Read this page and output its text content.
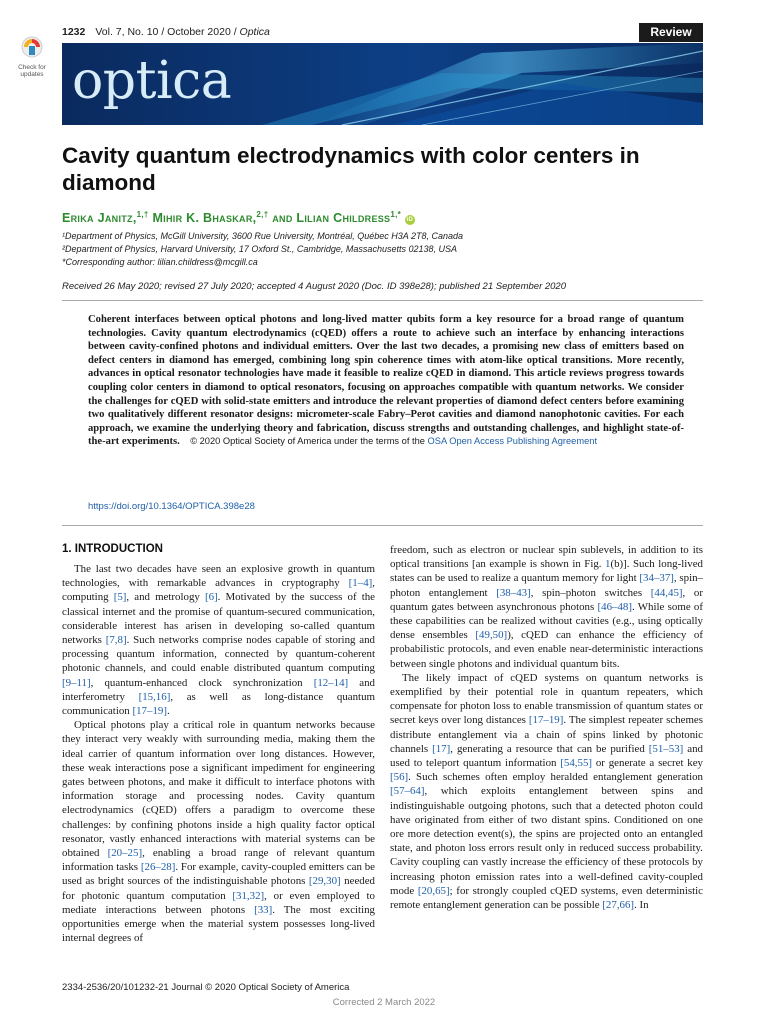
1232 Vol. 7, No. 10 / October 2020 / Optica	Review
Check for updates optica
Cavity quantum electrodynamics with color centers in diamond
Erika Janitz,$^{1,\dagger}$ Mihir K. Bhaskar,$^{2,\dagger}$ and Lilian Childress$^{1,*}$ iD
¹Department of Physics, McGill University, 3600 Rue University, Montréal, Québec H3A 2T8, Canada
²Department of Physics, Harvard University, 17 Oxford St., Cambridge, Massachusetts 02138, USA
*Corresponding author: lilian.childress@mcgill.ca
Received 26 May 2020; revised 27 July 2020; accepted 4 August 2020 (Doc. ID 398e28); published 21 September 2020
Coherent interfaces between optical photons and long-lived matter qubits form a key resource for a broad range of quantum technologies. Cavity quantum electrodynamics (cQED) offers a route to achieve such an interface by enhancing interactions between cavity-confined photons and individual emitters. Over the last two decades, a promising new class of emitters based on defect centers in diamond has emerged, combining long spin coherence times with atom-like optical transitions. More recently, advances in optical resonator technologies have made it feasible to realize cQED in diamond. This article reviews progress towards coupling color centers in diamond to optical resonators, focusing on approaches compatible with quantum networks. We consider the challenges for cQED with solid-state emitters and introduce the relevant properties of diamond defect centers before examining two qualitatively different resonator designs: micrometer-scale Fabry–Perot cavities and diamond nanophotonic cavities. For each approach, we examine the underlying theory and fabrication, discuss strengths and outstanding challenges, and highlight state-of-the-art experiments. © 2020 Optical Society of America under the terms of the OSA Open Access Publishing Agreement
https://doi.org/10.1364/OPTICA.398e28
1. INTRODUCTION

The last two decades have seen an explosive growth in quantum technologies, with remarkable advances in cryptography [1–4], computing [5], and metrology [6]. Motivated by the success of the classical internet and the promise of quantum-secured communication, considerable interest has arisen in developing so-called quantum networks [7,8]. Such networks comprise nodes capable of storing and processing quantum information, connected by quantum-coherent photonic channels, and could enable distributed quantum computing [9–11], quantum-enhanced clock synchronization [12–14] and interferometry [15,16], as well as long-distance quantum communication [17–19].

Optical photons play a critical role in quantum networks because they interact very weakly with surrounding media, making them the ideal carrier of quantum information over long distances. However, these weak interactions pose a significant impediment for engineering gates between photons, and make it difficult to interface photons with information storage and processing nodes. Cavity quantum electrodynamics (cQED) offers a paradigm to overcome these challenges: by confining photons inside a high quality factor optical resonator, vastly enhanced interactions with material systems can be obtained [20–25], enabling a broad range of relevant quantum information tasks [26–28]. For example, cavity-coupled emitters can be used as bright sources of the indistinguishable photons [29,30] needed for photonic quantum computation [31,32], or even employed to mediate interactions between photons [33]. The most exciting opportunities emerge when the material system possesses long-lived internal degrees of

freedom, such as electron or nuclear spin sublevels, in addition to its optical transitions [an example is shown in Fig. 1(b)]. Such long-lived states can be used to realize a quantum memory for light [34–37], spin–photon entanglement [38–43], spin–photon switches [44,45], or quantum gates between asynchronous photons [46–48]. While some of these capabilities can be realized without cavities (e.g., using optically dense ensembles [49,50]), cQED can enhance the efficiency of probabilistic protocols, and even enable near-deterministic interactions between single photons and individual quantum bits.

The likely impact of cQED systems on quantum networks is exemplified by their potential role in quantum repeaters, which compensate for photon loss to enable transmission of quantum states or secret keys over long distances [17–19]. The simplest repeater schemes distribute entanglement via a chain of spins linked by photonic channels [17], generating a resource that can be purified [51–53] and used to teleport quantum information [54,55] or generate a secret key [56]. Such schemes often employ heralded entanglement generation [57–64], which exploits entanglement between spins and indistinguishable outgoing photons, such that a detected photon could have originated from either of two distant spins. Conditioned on one ore more detection event(s), the spins are projected onto an entangled state, and photon loss errors result only in reduced success probability. Cavity coupling can vastly increase the efficiency of these protocols by increasing photon emission rates into a well-defined cavity-coupled mode [20,65]; for strongly coupled cQED systems, even deterministic remote entanglement generation can be possible [27,66]. In

2334-2536/20/101232-21 Journal © 2020 Optical Society of America
Corrected 2 March 2022
